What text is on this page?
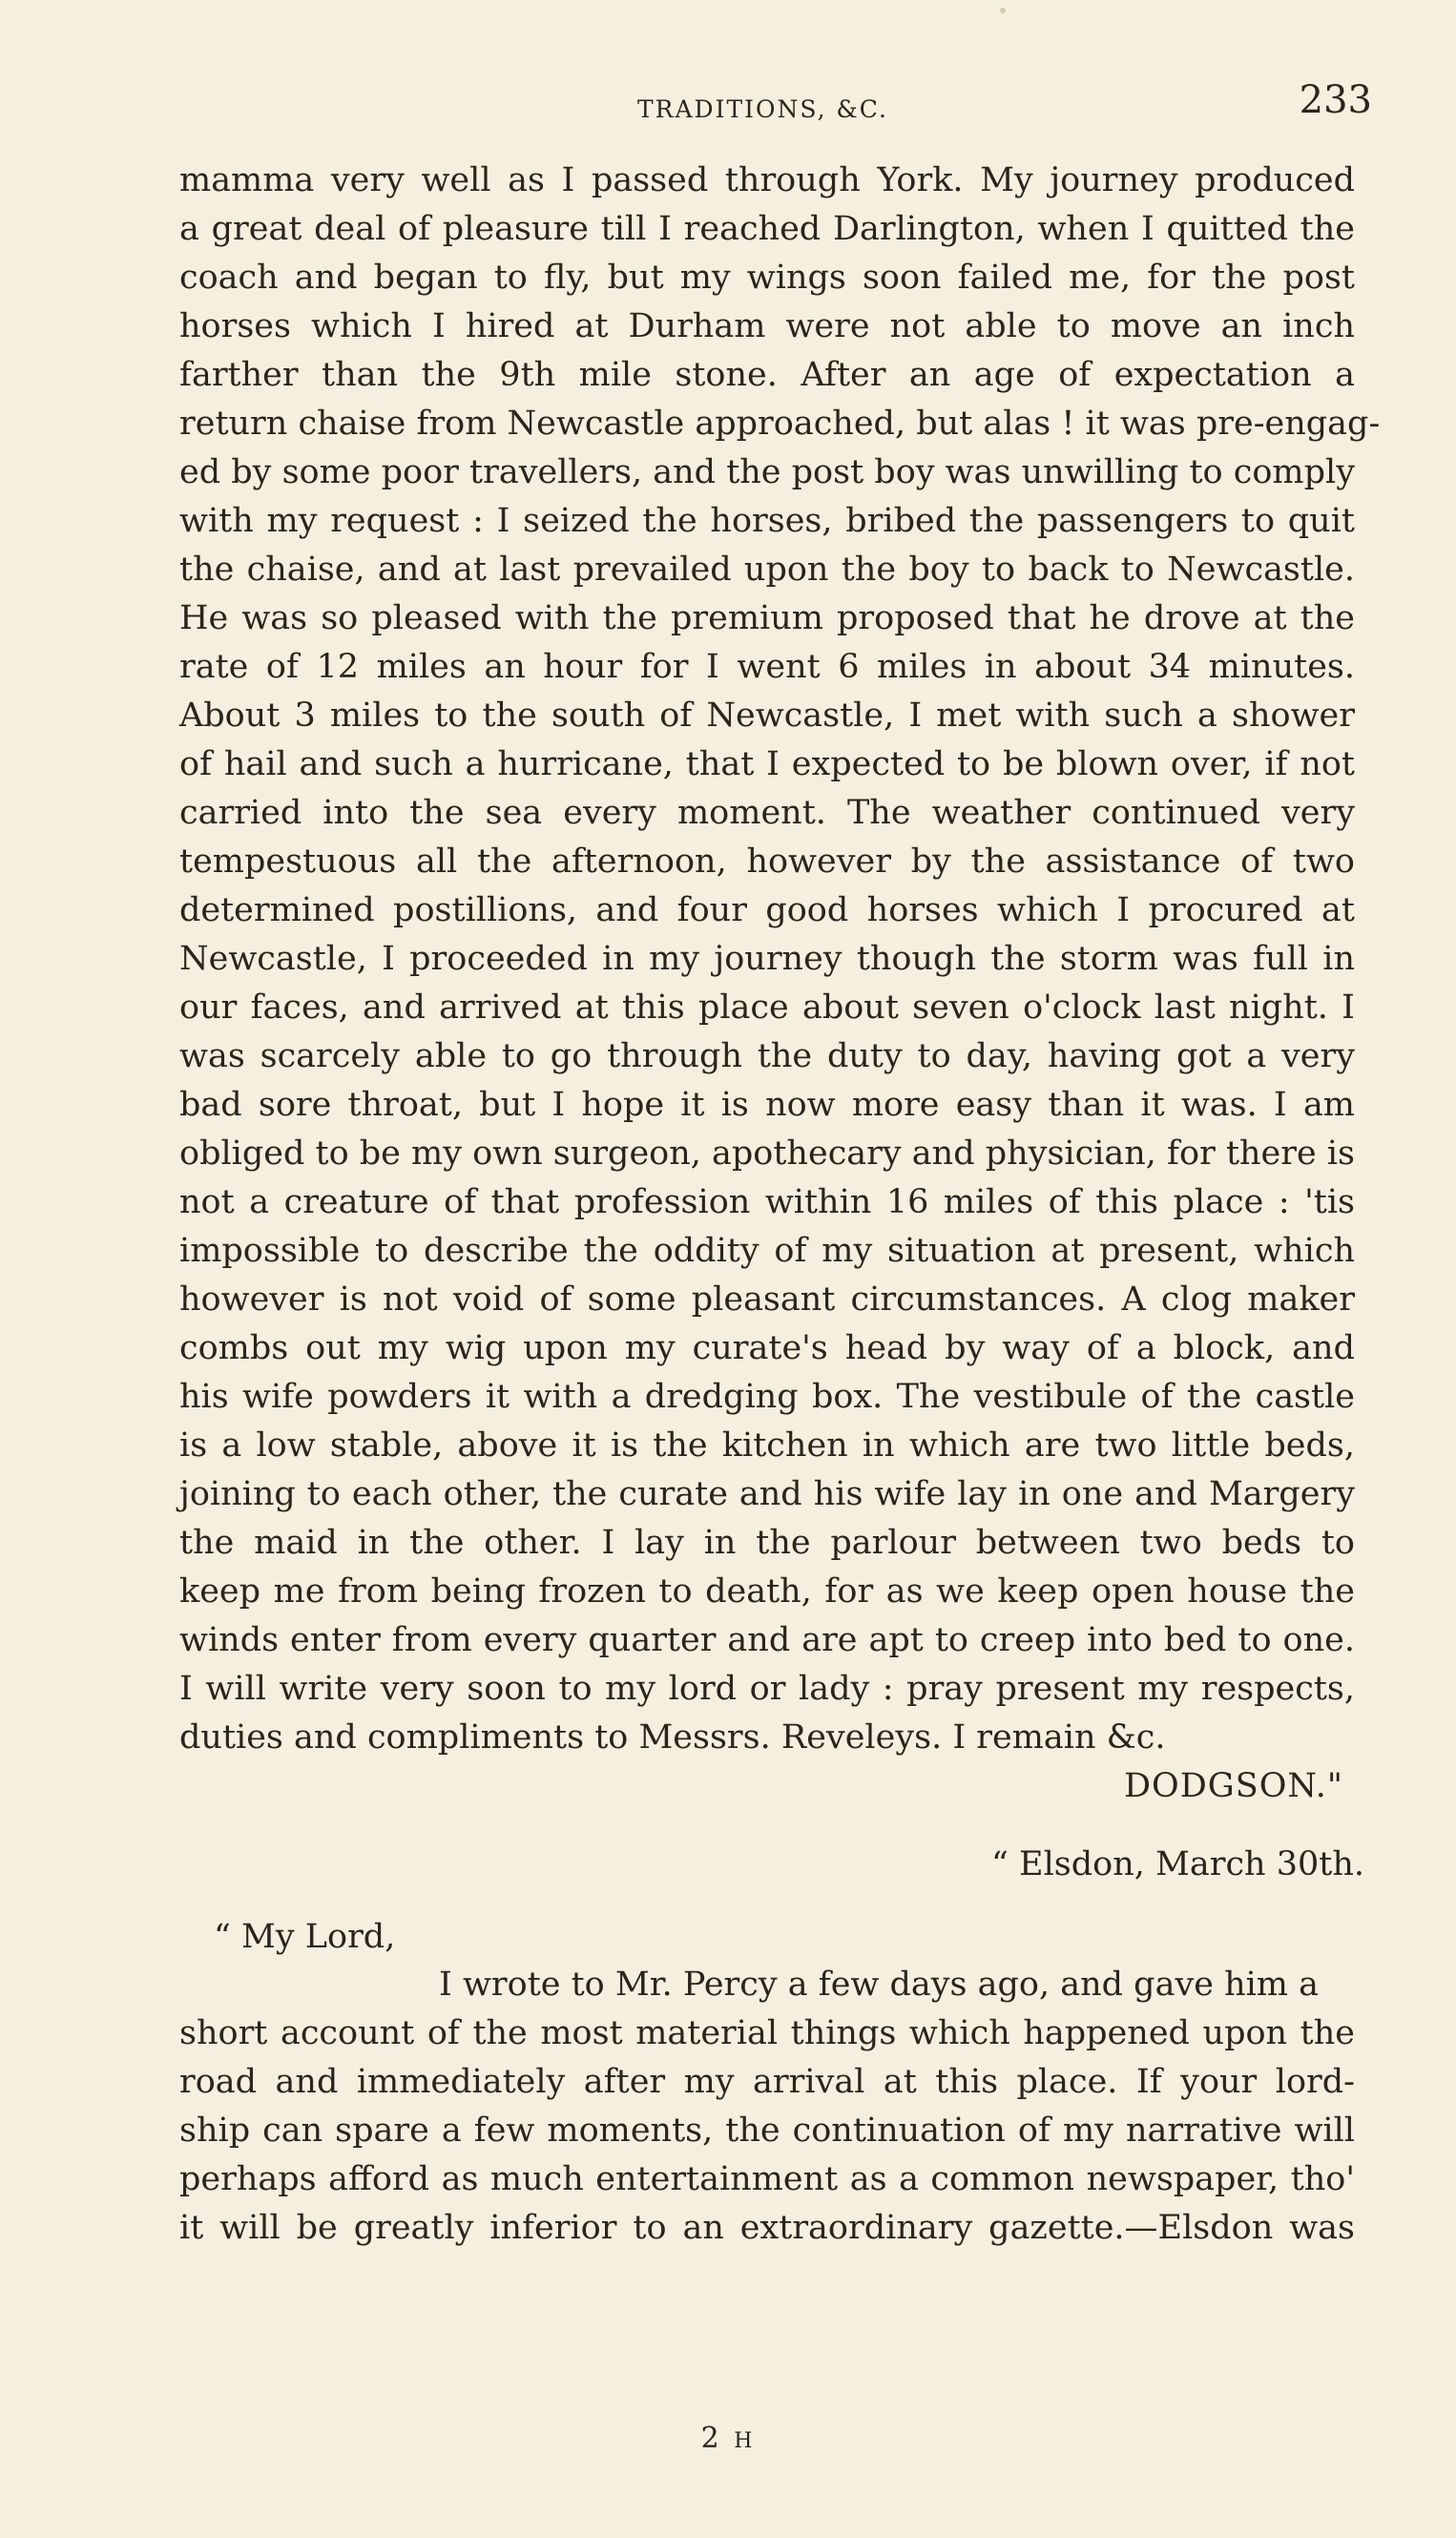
TRADITIONS, &C.	233
mamma very well as I passed through York. My journey produced
a great deal of pleasure till I reached Darlington, when I quitted the
coach and began to fly, but my wings soon failed me, for the post
horses which I hired at Durham were not able to move an inch
farther than the 9th mile stone. After an age of expectation a
return chaise from Newcastle approached, but alas ! it was pre-engag-
ed by some poor travellers, and the post boy was unwilling to comply
with my request : I seized the horses, bribed the passengers to quit
the chaise, and at last prevailed upon the boy to back to Newcastle.
He was so pleased with the premium proposed that he drove at the
rate of 12 miles an hour for I went 6 miles in about 34 minutes.
About 3 miles to the south of Newcastle, I met with such a shower
of hail and such a hurricane, that I expected to be blown over, if not
carried into the sea every moment. The weather continued very
tempestuous all the afternoon, however by the assistance of two
determined postillions, and four good horses which I procured at
Newcastle, I proceeded in my journey though the storm was full in
our faces, and arrived at this place about seven o'clock last night. I
was scarcely able to go through the duty to day, having got a very
bad sore throat, but I hope it is now more easy than it was. I am
obliged to be my own surgeon, apothecary and physician, for there is
not a creature of that profession within 16 miles of this place : 'tis
impossible to describe the oddity of my situation at present, which
however is not void of some pleasant circumstances. A clog maker
combs out my wig upon my curate's head by way of a block, and
his wife powders it with a dredging box. The vestibule of the castle
is a low stable, above it is the kitchen in which are two little beds,
joining to each other, the curate and his wife lay in one and Margery
the maid in the other. I lay in the parlour between two beds to
keep me from being frozen to death, for as we keep open house the
winds enter from every quarter and are apt to creep into bed to one.
I will write very soon to my lord or lady : pray present my respects,
duties and compliments to Messrs. Reveleys. I remain &c.
DODGSON."
“ Elsdon, March 30th.
“ My Lord,
I wrote to Mr. Percy a few days ago, and gave him a
short account of the most material things which happened upon the
road and immediately after my arrival at this place. If your lord-
ship can spare a few moments, the continuation of my narrative will
perhaps afford as much entertainment as a common newspaper, tho'
it will be greatly inferior to an extraordinary gazette.—Elsdon was
2 H
